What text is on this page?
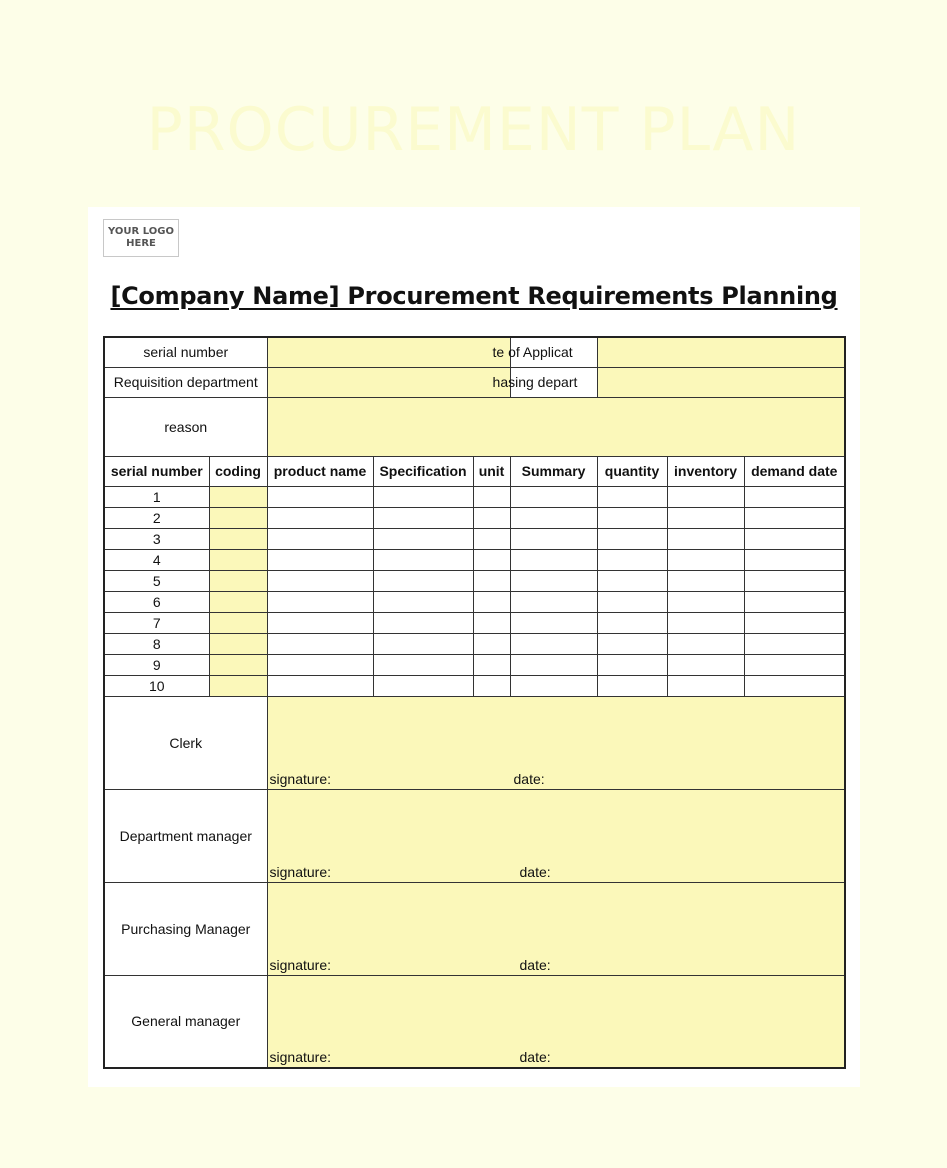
PROCUREMENT PLAN
YOUR LOGO
HERE
[Company Name] Procurement Requirements Planning
serial number					te of Applicat			
Requisition department					hasing depart			
reason								
serial number	coding	product name	Specification	unit	Summary	quantity	inventory	demand date
1								
2								
3								
4								
5								
6								
7								
8								
9								
10								
Clerk		signature: date:						

Department manager		signature: date:						

Purchasing Manager		signature: date:						

General manager		signature: date:						
